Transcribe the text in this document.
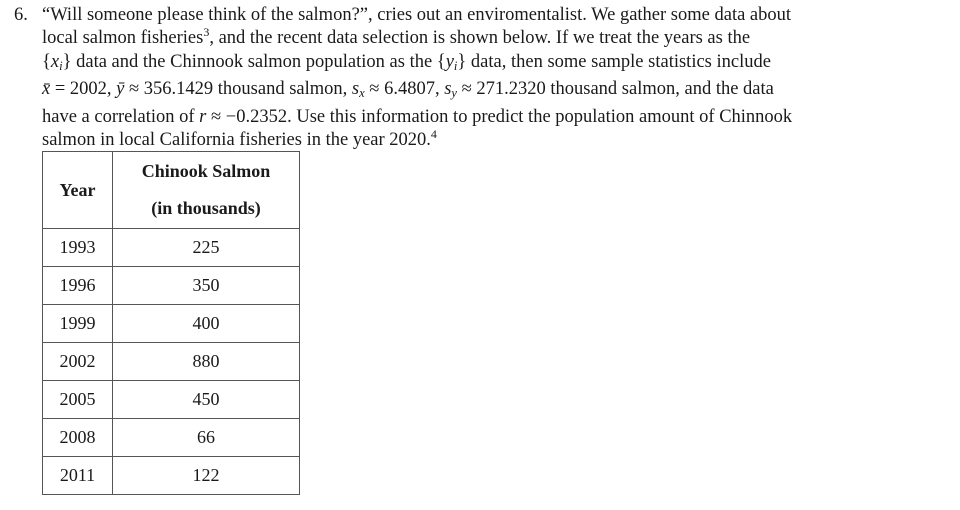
6. “Will someone please think of the salmon?”, cries out an enviromentalist. We gather some data about

local salmon fisheries$^3$, and the recent data selection is shown below. If we treat the years as the

$\{x_i\}$ data and the Chinnook salmon population as the $\{y_i\}$ data, then some sample statistics include

x̄ = 2002, ȳ ≈ 356.1429 thousand salmon, $s_x \approx 6.4807$, $s_y \approx 271.2320$ thousand salmon, and the data

have a correlation of r ≈ −0.2352. Use this information to predict the population amount of Chinnook

salmon in local California fisheries in the year 2020.$^4$

Year	Chinook Salmon
(in thousands)
1993	225
1996	350
1999	400
2002	880
2005	450
2008	66
2011	122
